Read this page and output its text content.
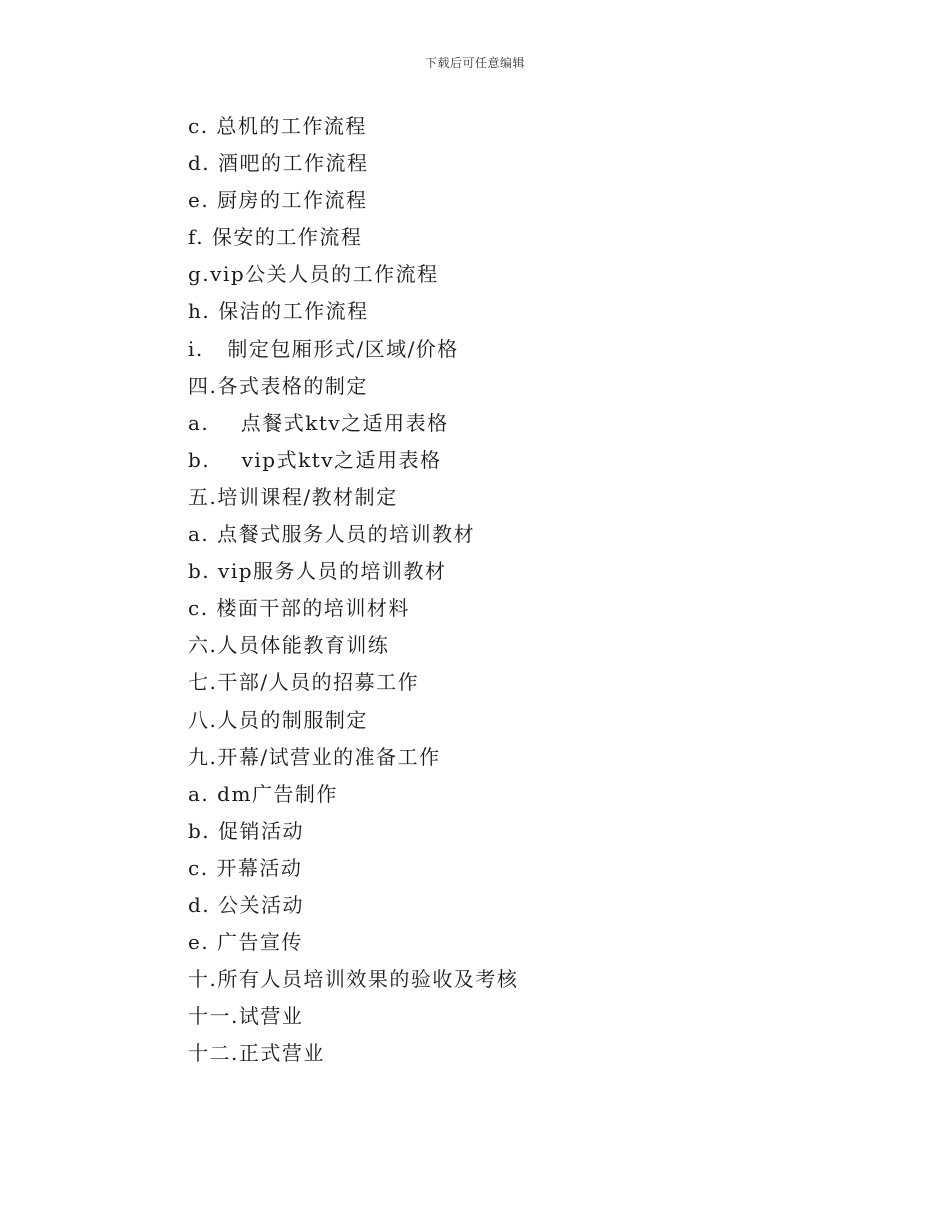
下载后可任意编辑
c. 总机的工作流程
d. 酒吧的工作流程
e. 厨房的工作流程
f. 保安的工作流程
g.vip公关人员的工作流程
h. 保洁的工作流程
i.   制定包厢形式/区域/价格
四.各式表格的制定
a.    点餐式ktv之适用表格
b.    vip式ktv之适用表格
五.培训课程/教材制定
a. 点餐式服务人员的培训教材
b. vip服务人员的培训教材
c. 楼面干部的培训材料
六.人员体能教育训练
七.干部/人员的招募工作
八.人员的制服制定
九.开幕/试营业的准备工作
a. dm广告制作
b. 促销活动
c. 开幕活动
d. 公关活动
e. 广告宣传
十.所有人员培训效果的验收及考核
十一.试营业
十二.正式营业
